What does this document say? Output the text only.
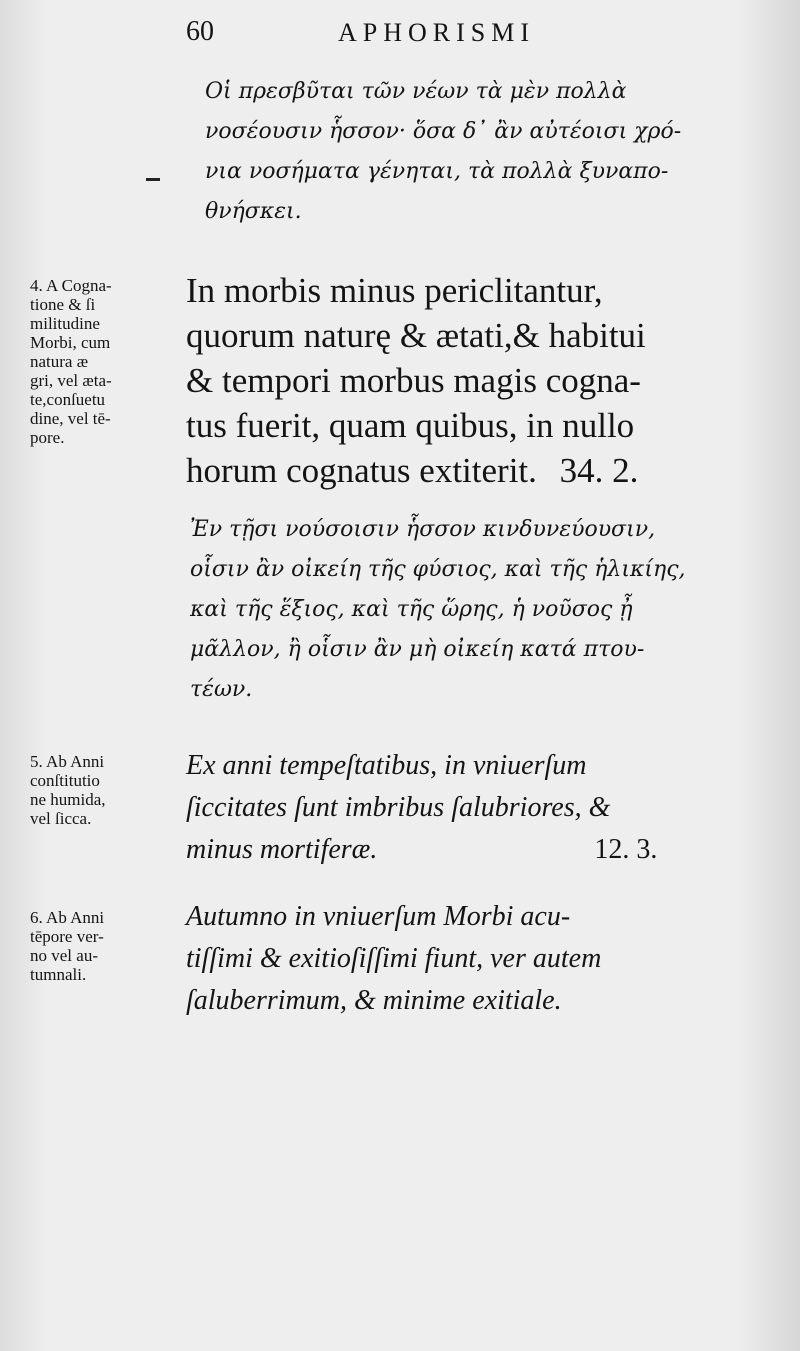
60	APHORISMI
Οἱ πρεσβῦται τῶν νέων τὰ μὲν πολλὰ
νοσέουσιν ἧσσον· ὅσα δ᾽ ἂν αὐτέοισι χρό-
νια νοσήματα γένηται, τὰ πολλὰ ξυναπο-
θνήσκει.
4. A Cogna-
tione & ſi
militudine
Morbi, cum
natura æ
gri, vel æta-
te,conſuetu
dine, vel tē-
pore.
In morbis minus periclitantur,
quorum naturę & ætati,& habitui
& tempori morbus magis cogna-
tus fuerit, quam quibus, in nullo
horum cognatus extiterit. 34. 2.
Ἐν τῇσι νούσοισιν ἧσσον κινδυνεύουσιν,
οἷσιν ἂν οἰκείη τῆς φύσιος, καὶ τῆς ἡλικίης,
καὶ τῆς ἕξιος, καὶ τῆς ὥρης, ἡ νοῦσος ᾖ
μᾶλλον, ἢ οἷσιν ἂν μὴ οἰκείη κατά πτου-
τέων.
5. Ab Anni
conſtitutio
ne humida,
vel ſicca.
Ex anni tempeſtatibus, in vniuerſum
ſiccitates ſunt imbribus ſalubriores, &
minus mortiferæ.	12. 3.
6. Ab Anni
tēpore ver-
no vel au-
tumnali.
Autumno in vniuerſum Morbi acu-
tiſſimi & exitioſiſſimi fiunt, ver autem
ſaluberrimum, & minime exitiale.
